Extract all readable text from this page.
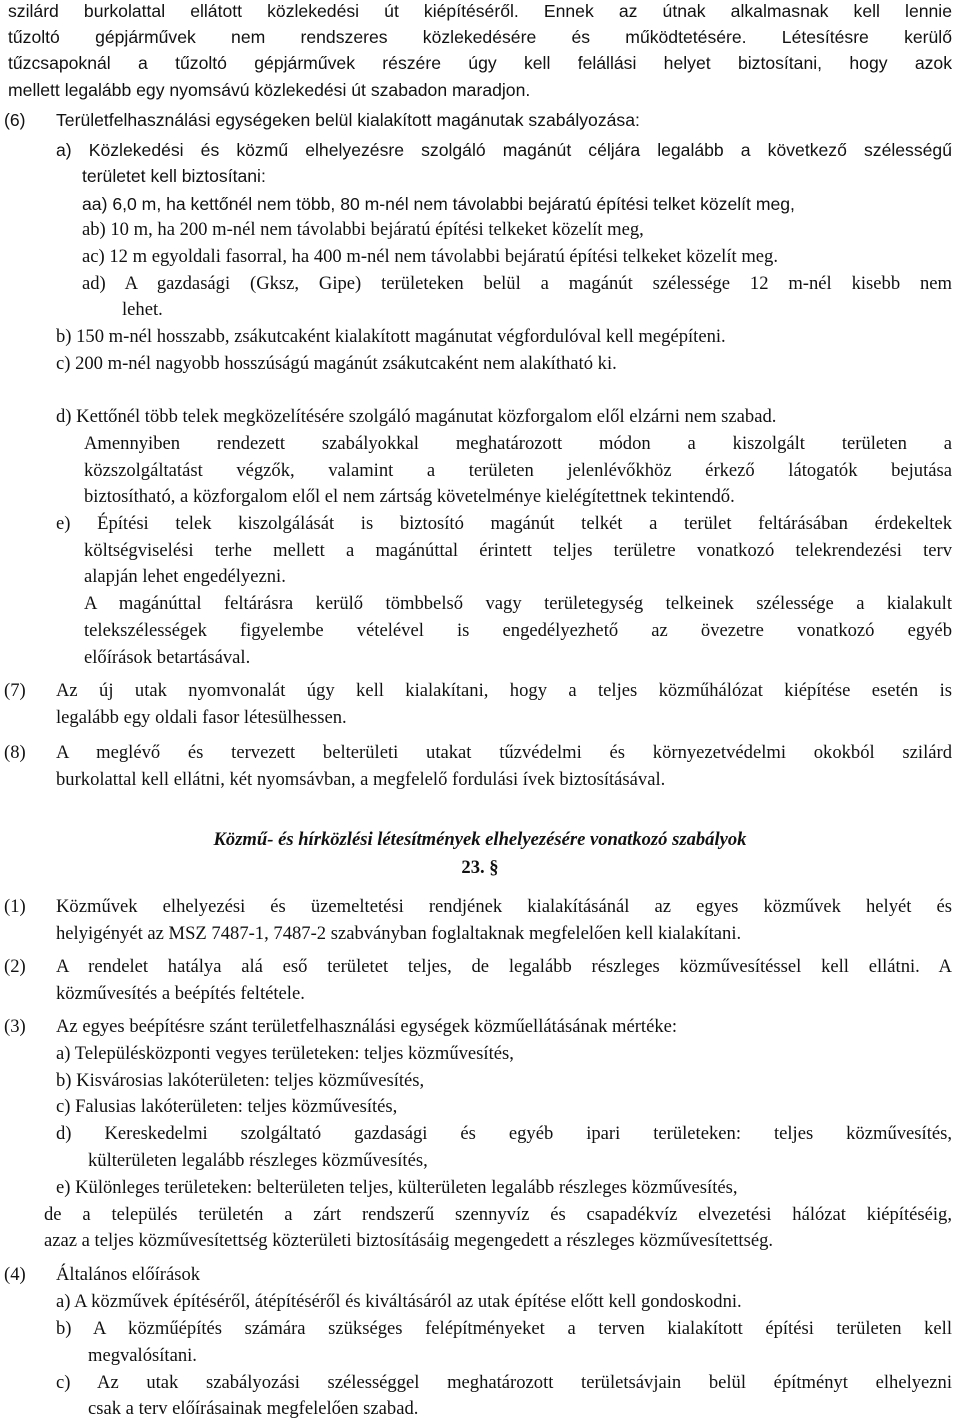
szilárd burkolattal ellátott közlekedési út kiépítéséről. Ennek az útnak alkalmasnak kell lennie
tűzoltó gépjárművek nem rendszeres közlekedésére és működtetésére. Létesítésre kerülő
tűzcsapoknál a tűzoltó gépjárművek részére úgy kell felállási helyet biztosítani, hogy azok
mellett legalább egy nyomsávú közlekedési út szabadon maradjon.
(6) Területfelhasználási egységeken belül kialakított magánutak szabályozása:
a) Közlekedési és közmű elhelyezésre szolgáló magánút céljára legalább a következő szélességű
területet kell biztosítani:
aa) 6,0 m, ha kettőnél nem több, 80 m-nél nem távolabbi bejáratú építési telket közelít meg,
ab) 10 m, ha 200 m-nél nem távolabbi bejáratú építési telkeket közelít meg,
ac) 12 m egyoldali fasorral, ha 400 m-nél nem távolabbi bejáratú építési telkeket közelít meg.
ad) A gazdasági (Gksz, Gipe) területeken belül a magánút szélessége 12 m-nél kisebb nem
lehet.
b) 150 m-nél hosszabb, zsákutcaként kialakított magánutat végfordulóval kell megépíteni.
c) 200 m-nél nagyobb hosszúságú magánút zsákutcaként nem alakítható ki.
d) Kettőnél több telek megközelítésére szolgáló magánutat közforgalom elől elzárni nem szabad.
Amennyiben rendezett szabályokkal meghatározott módon a kiszolgált területen a
közszolgáltatást végzők, valamint a területen jelenlévőkhöz érkező látogatók bejutása
biztosítható, a közforgalom elől el nem zártság követelménye kielégítettnek tekintendő.
e) Építési telek kiszolgálását is biztosító magánút telkét a terület feltárásában érdekeltek
költségviselési terhe mellett a magánúttal érintett teljes területre vonatkozó telekrendezési terv
alapján lehet engedélyezni.
A magánúttal feltárásra kerülő tömbbelső vagy területegység telkeinek szélessége a kialakult
telekszélességek figyelembe vételével is engedélyezhető az övezetre vonatkozó egyéb
előírások betartásával.
(7) Az új utak nyomvonalát úgy kell kialakítani, hogy a teljes közműhálózat kiépítése esetén is
legalább egy oldali fasor létesülhessen.
(8) A meglévő és tervezett belterületi utakat tűzvédelmi és környezetvédelmi okokból szilárd
burkolattal kell ellátni, két nyomsávban, a megfelelő fordulási ívek biztosításával.
Közmű- és hírközlési létesítmények elhelyezésére vonatkozó szabályok
23. §
(1) Közművek elhelyezési és üzemeltetési rendjének kialakításánál az egyes közművek helyét és
helyigényét az MSZ 7487-1, 7487-2 szabványban foglaltaknak megfelelően kell kialakítani.
(2) A rendelet hatálya alá eső területet teljes, de legalább részleges közművesítéssel kell ellátni. A
közművesítés a beépítés feltétele.
(3) Az egyes beépítésre szánt területfelhasználási egységek közműellátásának mértéke:
a) Településközponti vegyes területeken: teljes közművesítés,
b) Kisvárosias lakóterületen: teljes közművesítés,
c) Falusias lakóterületen: teljes közművesítés,
d) Kereskedelmi szolgáltató gazdasági és egyéb ipari területeken: teljes közművesítés,
külterületen legalább részleges közművesítés,
e) Különleges területeken: belterületen teljes, külterületen legalább részleges közművesítés,
de a település területén a zárt rendszerű szennyvíz és csapadékvíz elvezetési hálózat kiépítéséig,
azaz a teljes közművesítettség közterületi biztosításáig megengedett a részleges közművesítettség.
(4) Általános előírások
a) A közművek építéséről, átépítéséről és kiváltásáról az utak építése előtt kell gondoskodni.
b) A közműépítés számára szükséges felépítményeket a terven kialakított építési területen kell
megvalósítani.
c) Az utak szabályozási szélességgel meghatározott területsávjain belül építményt elhelyezni
csak a terv előírásainak megfelelően szabad.
